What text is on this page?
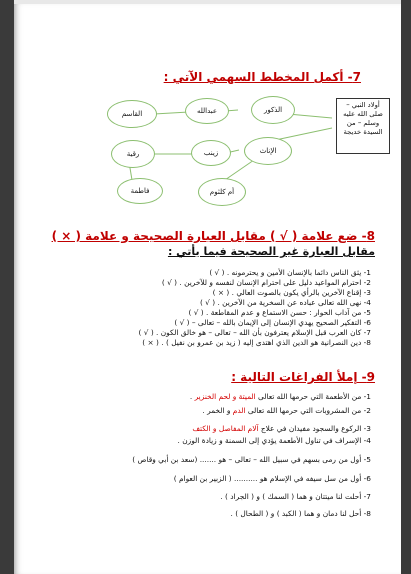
7- أكمل المخطط السهمي الآتي :
أولاد النبي – صلى الله عليه وسلم – من السيدة خديجة
الذكور
عبدالله
القاسم
الإناث
زينب
رقية
أم كلثوم
فاطمة
8- ضع علامة ( √ ) مقابل العبارة الصحيحة و علامة ( × )
مقابل العبارة غير الصحيحة فيما يأتي :
1- يثق الناس دائما بالإنسان الأمين و يحترمونه . ( √ )
2- احترام المواعيد دليل على احترام الإنسان لنفسه و للآخرين . ( √ )
3- إقناع الآخرين بالرأي يكون بالصوت العالي . ( × )
4- نهى الله تعالى عباده عن السخرية من الآخرين . ( √ )
5- من آداب الحوار : حسن الاستماع و عدم المقاطعة . ( √ )
6- التفكير الصحيح يهدي الإنسان إلى الإيمان بالله – تعالى – ( √ )
7- كان العرب قبل الإسلام يعترفون بأن الله – تعالى – هو خالق الكون . ( √ )
8- دين النصرانية هو الدين الذي اهتدى إليه ( زيد بن عمرو بن نفيل ) . ( × )
9- إملأ الفراغات التالية :
1- من الأطعمة التي حرمها الله تعالى الميتة و لحم الخنزير .
2- من المشروبات التي حرمها الله تعالى الدم و الخمر .
3- الركوع والسجود مفيدان في علاج آلام المفاصل و الكتف
4- الإسراف في تناول الأطعمة يؤدي إلى السمنة و زيادة الوزن .
5- أول من رمى بسهم في سبيل الله – تعالى – هو ....... (سعد بن أبي وقاص )
6- أول من سل سيفه في الإسلام هو .......... ( الزبير بن العوام )
7- أحلت لنا ميتتان و هما ( السمك ) و ( الجراد ) .
8- أحل لنا دمان و هما ( الكبد ) و ( الطحال ) .
